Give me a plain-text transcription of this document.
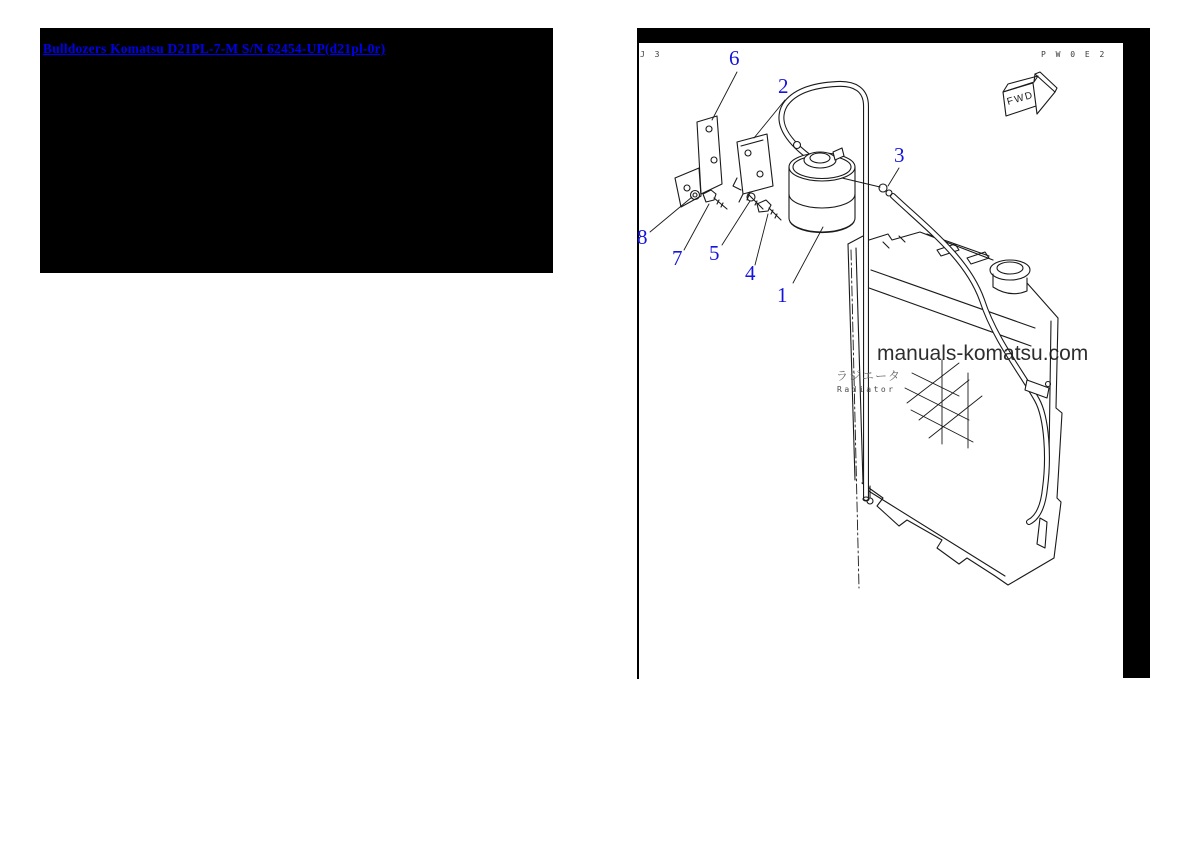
Bulldozers Komatsu D21PL-7-M S/N 62454-UP(d21pl-0r)
FWD
J 3	P W 0 E 2
6
2
3
8
7 5
4
1
manuals-komatsu.com
ラジエータ
Radiator
